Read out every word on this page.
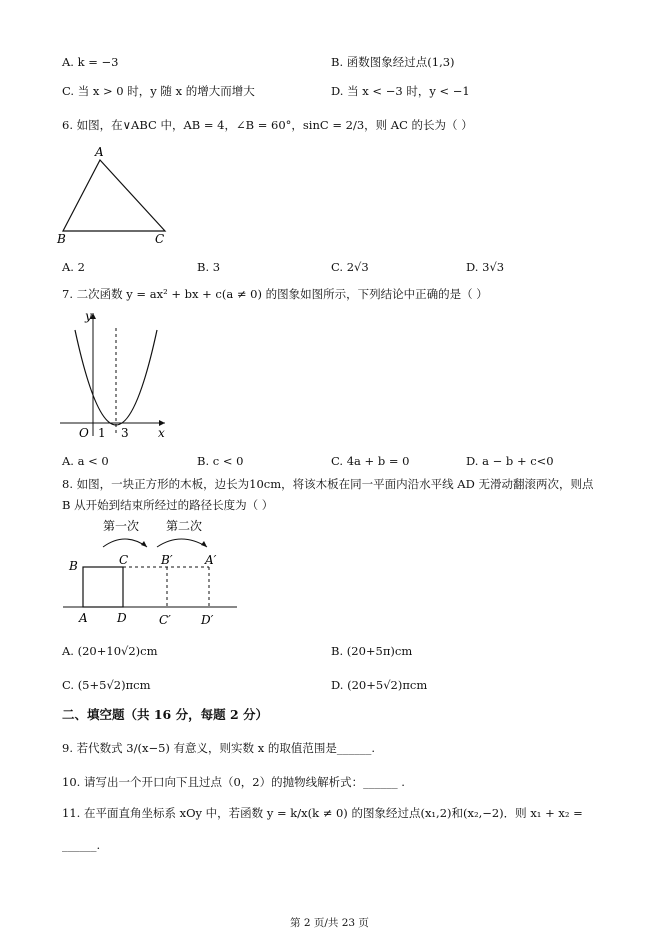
A. k = −3	B. 函数图象经过点(1,3)
C. 当 x > 0 时，y 随 x 的增大而增大	D. 当 x < −3 时，y < −1
6. 如图，在∨ABC 中，AB = 4，∠B = 60°，sinC = 2/3，则 AC 的长为（ ）
A
B	C
A. 2	B. 3	C. 2√3	D. 3√3
7. 二次函数 y = ax² + bx + c(a ≠ 0) 的图象如图所示，下列结论中正确的是（ ）
y
x
O 1 3
A. a < 0	B. c < 0	C. 4a + b = 0	D. a − b + c<0
8. 如图，一块正方形的木板，边长为10cm，将该木板在同一平面内沿水平线 AD 无滑动翻滚两次，则点
B 从开始到结束所经过的路径长度为（ ）
第一次 第二次
B	C	B′	A′
A D	C′	D′
A. (20+10√2)cm	B. (20+5π)cm
C. (5+5√2)πcm	D. (20+5√2)πcm
二、填空题（共 16 分，每题 2 分）
9. 若代数式 3/(x−5) 有意义，则实数 x 的取值范围是______.
10. 请写出一个开口向下且过点（0，2）的抛物线解析式：______ .
11. 在平面直角坐标系 xOy 中，若函数 y = k/x(k ≠ 0) 的图象经过点(x₁,2)和(x₂,−2)．则 x₁ + x₂ =
______.
第 2 页/共 23 页
